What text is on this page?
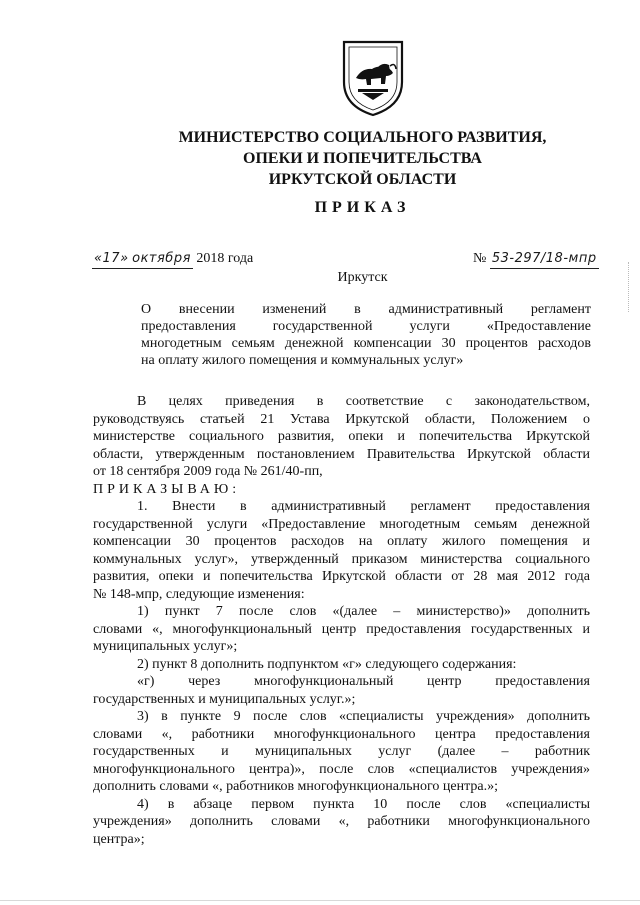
МИНИСТЕРСТВО СОЦИАЛЬНОГО РАЗВИТИЯ,
ОПЕКИ И ПОПЕЧИТЕЛЬСТВА
ИРКУТСКОЙ ОБЛАСТИ
ПРИКАЗ
«17» октября 2018 года	№ 53-297/18-мпр
Иркутск

О внесении изменений в административный регламент

предоставления государственной услуги «Предоставление

многодетным семьям денежной компенсации 30 процентов расходов

на оплату жилого помещения и коммунальных услуг»

В целях приведения в соответствие с законодательством,

руководствуясь статьей 21 Устава Иркутской области, Положением о

министерстве социального развития, опеки и попечительства Иркутской

области, утвержденным постановлением Правительства Иркутской области

от 18 сентября 2009 года № 261/40-пп,

ПРИКАЗЫВАЮ:

1. Внести в административный регламент предоставления

государственной услуги «Предоставление многодетным семьям денежной

компенсации 30 процентов расходов на оплату жилого помещения и

коммунальных услуг», утвержденный приказом министерства социального

развития, опеки и попечительства Иркутской области от 28 мая 2012 года

№ 148-мпр, следующие изменения:

1) пункт 7 после слов «(далее – министерство)» дополнить

словами «, многофункциональный центр предоставления государственных и

муниципальных услуг»;

2) пункт 8 дополнить подпунктом «г» следующего содержания:

«г) через многофункциональный центр предоставления

государственных и муниципальных услуг.»;

3) в пункте 9 после слов «специалисты учреждения» дополнить

словами «, работники многофункционального центра предоставления

государственных и муниципальных услуг (далее – работник

многофункционального центра)», после слов «специалистов учреждения»

дополнить словами «, работников многофункционального центра.»;

4) в абзаце первом пункта 10 после слов «специалисты

учреждения» дополнить словами «, работники многофункционального

центра»;
